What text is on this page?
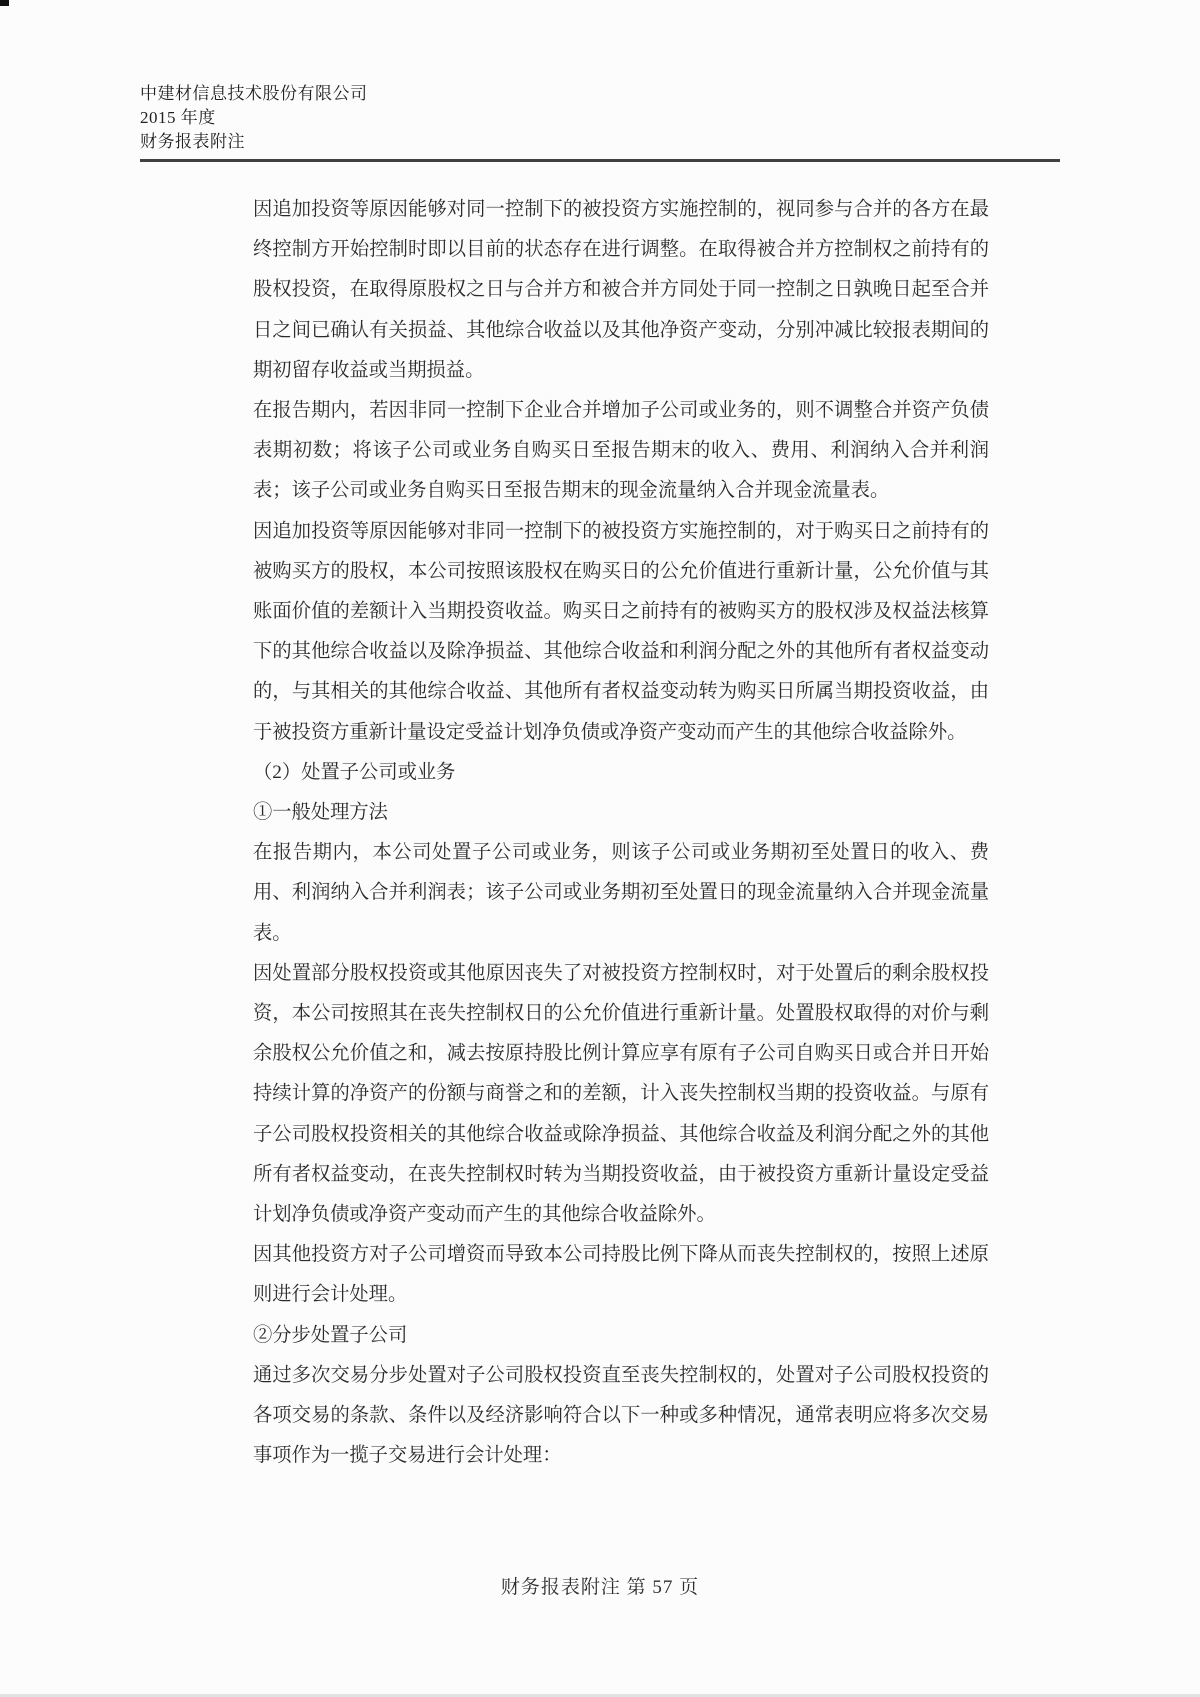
中建材信息技术股份有限公司
2015 年度
财务报表附注

因追加投资等原因能够对同一控制下的被投资方实施控制的，视同参与合并的各方在最终控制方开始控制时即以目前的状态存在进行调整。在取得被合并方控制权之前持有的股权投资，在取得原股权之日与合并方和被合并方同处于同一控制之日孰晚日起至合并日之间已确认有关损益、其他综合收益以及其他净资产变动，分别冲减比较报表期间的期初留存收益或当期损益。

在报告期内，若因非同一控制下企业合并增加子公司或业务的，则不调整合并资产负债表期初数；将该子公司或业务自购买日至报告期末的收入、费用、利润纳入合并利润表；该子公司或业务自购买日至报告期末的现金流量纳入合并现金流量表。

因追加投资等原因能够对非同一控制下的被投资方实施控制的，对于购买日之前持有的被购买方的股权，本公司按照该股权在购买日的公允价值进行重新计量，公允价值与其账面价值的差额计入当期投资收益。购买日之前持有的被购买方的股权涉及权益法核算下的其他综合收益以及除净损益、其他综合收益和利润分配之外的其他所有者权益变动的，与其相关的其他综合收益、其他所有者权益变动转为购买日所属当期投资收益，由于被投资方重新计量设定受益计划净负债或净资产变动而产生的其他综合收益除外。

（2）处置子公司或业务

①一般处理方法

在报告期内，本公司处置子公司或业务，则该子公司或业务期初至处置日的收入、费用、利润纳入合并利润表；该子公司或业务期初至处置日的现金流量纳入合并现金流量表。

因处置部分股权投资或其他原因丧失了对被投资方控制权时，对于处置后的剩余股权投资，本公司按照其在丧失控制权日的公允价值进行重新计量。处置股权取得的对价与剩余股权公允价值之和，减去按原持股比例计算应享有原有子公司自购买日或合并日开始持续计算的净资产的份额与商誉之和的差额，计入丧失控制权当期的投资收益。与原有子公司股权投资相关的其他综合收益或除净损益、其他综合收益及利润分配之外的其他所有者权益变动，在丧失控制权时转为当期投资收益，由于被投资方重新计量设定受益计划净负债或净资产变动而产生的其他综合收益除外。

因其他投资方对子公司增资而导致本公司持股比例下降从而丧失控制权的，按照上述原则进行会计处理。

②分步处置子公司

通过多次交易分步处置对子公司股权投资直至丧失控制权的，处置对子公司股权投资的各项交易的条款、条件以及经济影响符合以下一种或多种情况，通常表明应将多次交易事项作为一揽子交易进行会计处理：

财务报表附注 第 57 页
